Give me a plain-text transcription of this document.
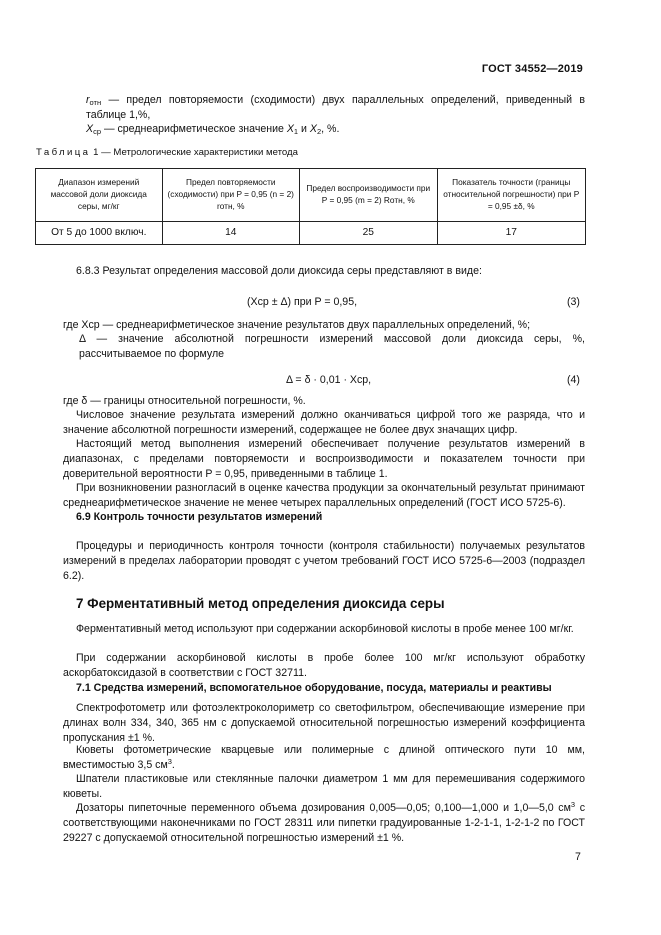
ГОСТ 34552—2019
$r_{отн}$ — предел повторяемости (сходимости) двух параллельных определений, приведенный в таблице 1,%,
$X_{ср}$ — среднеарифметическое значение $X_1$ и $X_2$, %.
Таблица 1 — Метрологические характеристики метода
Диапазон измерений массовой доли диоксида серы, мг/кг	Предел повторяемости (сходимости) при P = 0,95 (n = 2) rотн, %	Предел воспроизводимости при P = 0,95 (m = 2) Rотн, %	Показатель точности (границы относительной погрешности) при P = 0,95 ±δ, %
От 5 до 1000 включ.	14	25	17
6.8.3 Результат определения массовой доли диоксида серы представляют в виде:
(Xср ± Δ) при P = 0,95,	(3)
где Xср — среднеарифметическое значение результатов двух параллельных определений, %;
Δ — значение абсолютной погрешности измерений массовой доли диоксида серы, %, рассчитываемое по формуле
Δ = δ · 0,01 · Xср,	(4)
где δ — границы относительной погрешности, %.
Числовое значение результата измерений должно оканчиваться цифрой того же разряда, что и значение абсолютной погрешности измерений, содержащее не более двух значащих цифр.
Настоящий метод выполнения измерений обеспечивает получение результатов измерений в диапазонах, с пределами повторяемости и воспроизводимости и показателем точности при доверительной вероятности P = 0,95, приведенными в таблице 1.
При возникновении разногласий в оценке качества продукции за окончательный результат принимают среднеарифметическое значение не менее четырех параллельных определений (ГОСТ ИСО 5725-6).
6.9 Контроль точности результатов измерений
Процедуры и периодичность контроля точности (контроля стабильности) получаемых результатов измерений в пределах лаборатории проводят с учетом требований ГОСТ ИСО 5725-6—2003 (подраздел 6.2).
7 Ферментативный метод определения диоксида серы
Ферментативный метод используют при содержании аскорбиновой кислоты в пробе менее 100 мг/кг.
При содержании аскорбиновой кислоты в пробе более 100 мг/кг используют обработку аскорбатоксидазой в соответствии с ГОСТ 32711.
7.1 Средства измерений, вспомогательное оборудование, посуда, материалы и реактивы
Спектрофотометр или фотоэлектроколориметр со светофильтром, обеспечивающие измерение при длинах волн 334, 340, 365 нм с допускаемой относительной погрешностью измерений коэффициента пропускания ±1 %.
Кюветы фотометрические кварцевые или полимерные с длиной оптического пути 10 мм, вместимостью 3,5 $см^3$.
Шпатели пластиковые или стеклянные палочки диаметром 1 мм для перемешивания содержимого кюветы.
Дозаторы пипеточные переменного объема дозирования 0,005—0,05; 0,100—1,000 и 1,0—5,0 $см^3$ с соответствующими наконечниками по ГОСТ 28311 или пипетки градуированные 1-2-1-1, 1-2-1-2 по ГОСТ 29227 с допускаемой относительной погрешностью измерений ±1 %.
7
